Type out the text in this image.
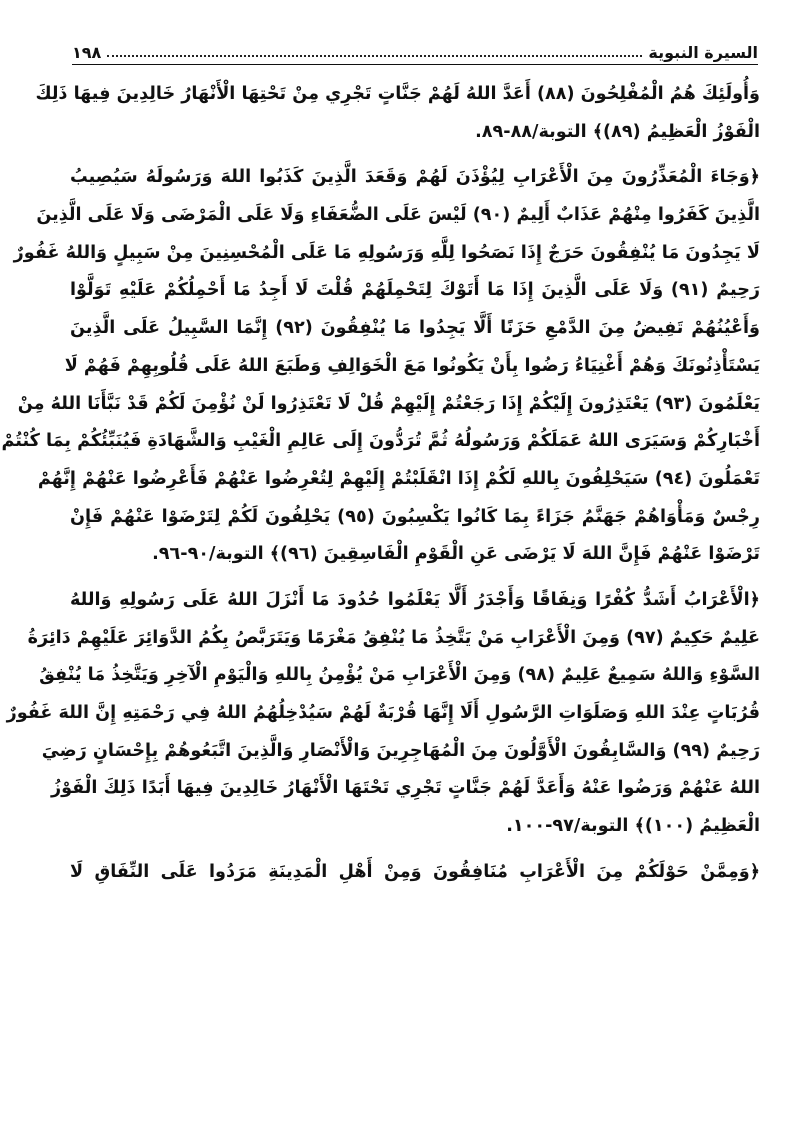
السيرة النبوية
١٩٨
وَأُولَئِكَ هُمُ الْمُفْلِحُونَ (٨٨) أَعَدَّ اللهُ لَهُمْ جَنَّاتٍ تَجْرِي مِنْ تَحْتِهَا الْأَنْهَارُ خَالِدِينَ فِيهَا ذَلِكَ
الْفَوْزُ الْعَظِيمُ (٨٩)﴾ التوبة/٨٨-٨٩.
﴿وَجَاءَ الْمُعَذِّرُونَ مِنَ الْأَعْرَابِ لِيُؤْذَنَ لَهُمْ وَقَعَدَ الَّذِينَ كَذَبُوا اللهَ وَرَسُولَهُ سَيُصِيبُ
الَّذِينَ كَفَرُوا مِنْهُمْ عَذَابٌ أَلِيمٌ (٩٠) لَيْسَ عَلَى الضُّعَفَاءِ وَلَا عَلَى الْمَرْضَى وَلَا عَلَى الَّذِينَ
لَا يَجِدُونَ مَا يُنْفِقُونَ حَرَجٌ إِذَا نَصَحُوا لِلَّهِ وَرَسُولِهِ مَا عَلَى الْمُحْسِنِينَ مِنْ سَبِيلٍ وَاللهُ غَفُورٌ
رَحِيمٌ (٩١) وَلَا عَلَى الَّذِينَ إِذَا مَا أَتَوْكَ لِتَحْمِلَهُمْ قُلْتَ لَا أَجِدُ مَا أَحْمِلُكُمْ عَلَيْهِ تَوَلَّوْا
وَأَعْيُنُهُمْ تَفِيضُ مِنَ الدَّمْعِ حَزَنًا أَلَّا يَجِدُوا مَا يُنْفِقُونَ (٩٢) إِنَّمَا السَّبِيلُ عَلَى الَّذِينَ
يَسْتَأْذِنُونَكَ وَهُمْ أَغْنِيَاءُ رَضُوا بِأَنْ يَكُونُوا مَعَ الْخَوَالِفِ وَطَبَعَ اللهُ عَلَى قُلُوبِهِمْ فَهُمْ لَا
يَعْلَمُونَ (٩٣) يَعْتَذِرُونَ إِلَيْكُمْ إِذَا رَجَعْتُمْ إِلَيْهِمْ قُلْ لَا تَعْتَذِرُوا لَنْ نُؤْمِنَ لَكُمْ قَدْ نَبَّأَنَا اللهُ مِنْ
أَخْبَارِكُمْ وَسَيَرَى اللهُ عَمَلَكُمْ وَرَسُولُهُ ثُمَّ تُرَدُّونَ إِلَى عَالِمِ الْغَيْبِ وَالشَّهَادَةِ فَيُنَبِّئُكُمْ بِمَا كُنْتُمْ
تَعْمَلُونَ (٩٤) سَيَحْلِفُونَ بِاللهِ لَكُمْ إِذَا انْقَلَبْتُمْ إِلَيْهِمْ لِتُعْرِضُوا عَنْهُمْ فَأَعْرِضُوا عَنْهُمْ إِنَّهُمْ
رِجْسٌ وَمَأْوَاهُمْ جَهَنَّمُ جَزَاءً بِمَا كَانُوا يَكْسِبُونَ (٩٥) يَحْلِفُونَ لَكُمْ لِتَرْضَوْا عَنْهُمْ فَإِنْ
تَرْضَوْا عَنْهُمْ فَإِنَّ اللهَ لَا يَرْضَى عَنِ الْقَوْمِ الْفَاسِقِينَ (٩٦)﴾ التوبة/٩٠-٩٦.
﴿الْأَعْرَابُ أَشَدُّ كُفْرًا وَنِفَاقًا وَأَجْدَرُ أَلَّا يَعْلَمُوا حُدُودَ مَا أَنْزَلَ اللهُ عَلَى رَسُولِهِ وَاللهُ
عَلِيمٌ حَكِيمٌ (٩٧) وَمِنَ الْأَعْرَابِ مَنْ يَتَّخِذُ مَا يُنْفِقُ مَغْرَمًا وَيَتَرَبَّصُ بِكُمُ الدَّوَائِرَ عَلَيْهِمْ دَائِرَةُ
السَّوْءِ وَاللهُ سَمِيعٌ عَلِيمٌ (٩٨) وَمِنَ الْأَعْرَابِ مَنْ يُؤْمِنُ بِاللهِ وَالْيَوْمِ الْآخِرِ وَيَتَّخِذُ مَا يُنْفِقُ
قُرُبَاتٍ عِنْدَ اللهِ وَصَلَوَاتِ الرَّسُولِ أَلَا إِنَّهَا قُرْبَةٌ لَهُمْ سَيُدْخِلُهُمُ اللهُ فِي رَحْمَتِهِ إِنَّ اللهَ غَفُورٌ
رَحِيمٌ (٩٩) وَالسَّابِقُونَ الْأَوَّلُونَ مِنَ الْمُهَاجِرِينَ وَالْأَنْصَارِ وَالَّذِينَ اتَّبَعُوهُمْ بِإِحْسَانٍ رَضِيَ
اللهُ عَنْهُمْ وَرَضُوا عَنْهُ وَأَعَدَّ لَهُمْ جَنَّاتٍ تَجْرِي تَحْتَهَا الْأَنْهَارُ خَالِدِينَ فِيهَا أَبَدًا ذَلِكَ الْفَوْزُ
الْعَظِيمُ (١٠٠)﴾ التوبة/٩٧-١٠٠.
﴿وَمِمَّنْ حَوْلَكُمْ مِنَ الْأَعْرَابِ مُنَافِقُونَ وَمِنْ أَهْلِ الْمَدِينَةِ مَرَدُوا عَلَى النِّفَاقِ لَا
